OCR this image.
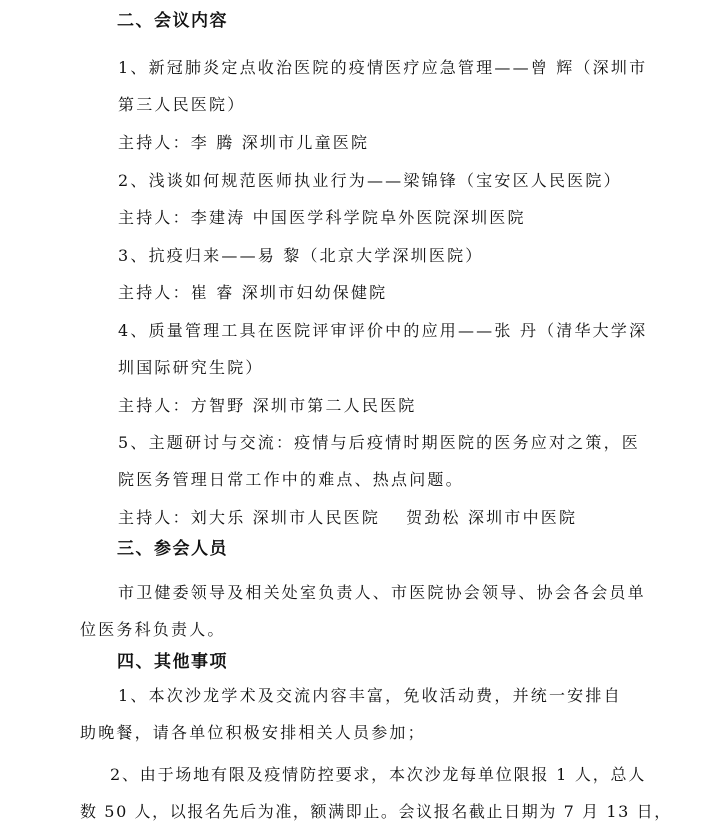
二、会议内容
1、新冠肺炎定点收治医院的疫情医疗应急管理——曾 辉（深圳市
第三人民医院）
主持人：李 腾 深圳市儿童医院
2、浅谈如何规范医师执业行为——梁锦锋（宝安区人民医院）
主持人：李建涛 中国医学科学院阜外医院深圳医院
3、抗疫归来——易 黎（北京大学深圳医院）
主持人：崔 睿 深圳市妇幼保健院
4、质量管理工具在医院评审评价中的应用——张 丹（清华大学深
圳国际研究生院）
主持人：方智野 深圳市第二人民医院
5、主题研讨与交流：疫情与后疫情时期医院的医务应对之策，医
院医务管理日常工作中的难点、热点问题。
主持人：刘大乐 深圳市人民医院 贺劲松 深圳市中医院
三、参会人员
市卫健委领导及相关处室负责人、市医院协会领导、协会各会员单
位医务科负责人。
四、其他事项
1、本次沙龙学术及交流内容丰富，免收活动费，并统一安排自
助晚餐，请各单位积极安排相关人员参加；
2、由于场地有限及疫情防控要求，本次沙龙每单位限报 1 人，总人
数 50 人，以报名先后为准，额满即止。会议报名截止日期为 7 月 13 日，
